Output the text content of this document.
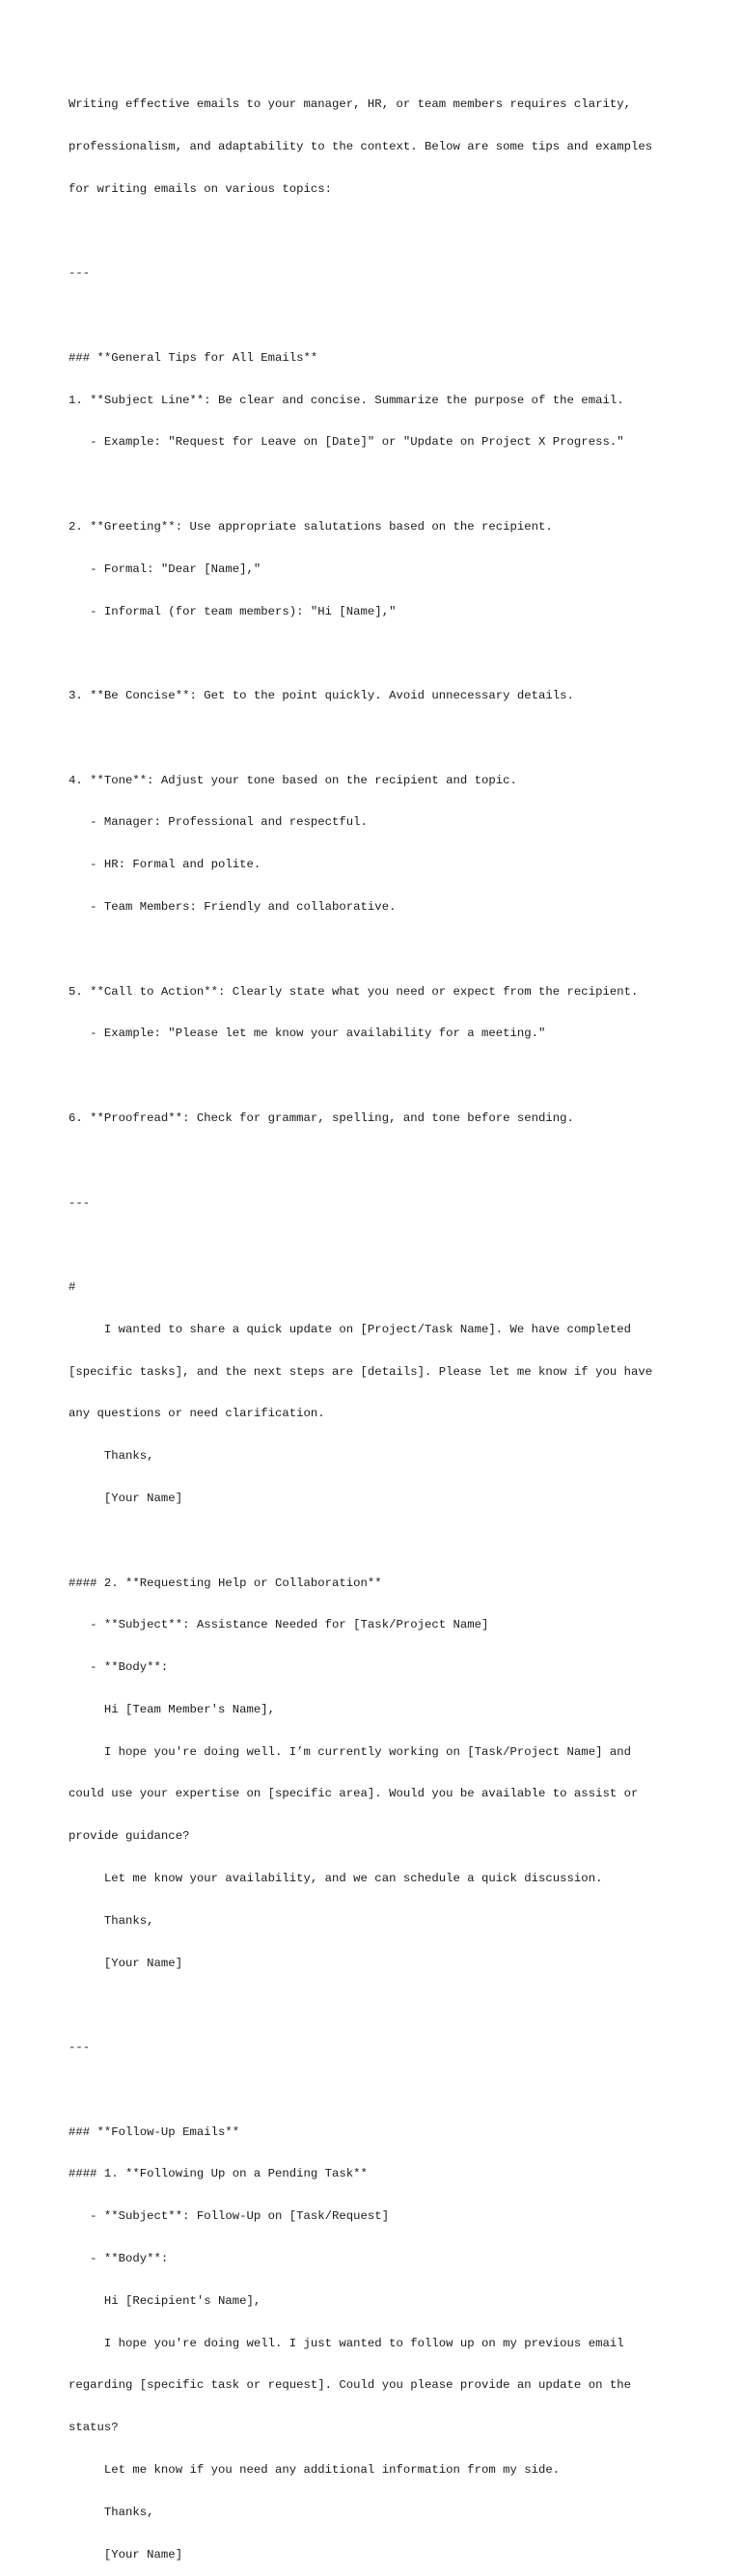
Writing effective emails to your manager, HR, or team members requires clarity,

professionalism, and adaptability to the context. Below are some tips and examples

for writing emails on various topics:

---

### **General Tips for All Emails**

1. **Subject Line**: Be clear and concise. Summarize the purpose of the email.

- Example: "Request for Leave on [Date]" or "Update on Project X Progress."

2. **Greeting**: Use appropriate salutations based on the recipient.

- Formal: "Dear [Name],"

- Informal (for team members): "Hi [Name],"

3. **Be Concise**: Get to the point quickly. Avoid unnecessary details.

4. **Tone**: Adjust your tone based on the recipient and topic.

- Manager: Professional and respectful.

- HR: Formal and polite.

- Team Members: Friendly and collaborative.

5. **Call to Action**: Clearly state what you need or expect from the recipient.

- Example: "Please let me know your availability for a meeting."

6. **Proofread**: Check for grammar, spelling, and tone before sending.

---

#

I wanted to share a quick update on [Project/Task Name]. We have completed

[specific tasks], and the next steps are [details]. Please let me know if you have

any questions or need clarification.

Thanks,

[Your Name]

#### 2. **Requesting Help or Collaboration**

- **Subject**: Assistance Needed for [Task/Project Name]

- **Body**:

Hi [Team Member's Name],

I hope you're doing well. I’m currently working on [Task/Project Name] and

could use your expertise on [specific area]. Would you be available to assist or

provide guidance?

Let me know your availability, and we can schedule a quick discussion.

Thanks,

[Your Name]

---

### **Follow-Up Emails**

#### 1. **Following Up on a Pending Task**

- **Subject**: Follow-Up on [Task/Request]

- **Body**:

Hi [Recipient's Name],

I hope you're doing well. I just wanted to follow up on my previous email

regarding [specific task or request]. Could you please provide an update on the

status?

Let me know if you need any additional information from my side.

Thanks,

[Your Name]
